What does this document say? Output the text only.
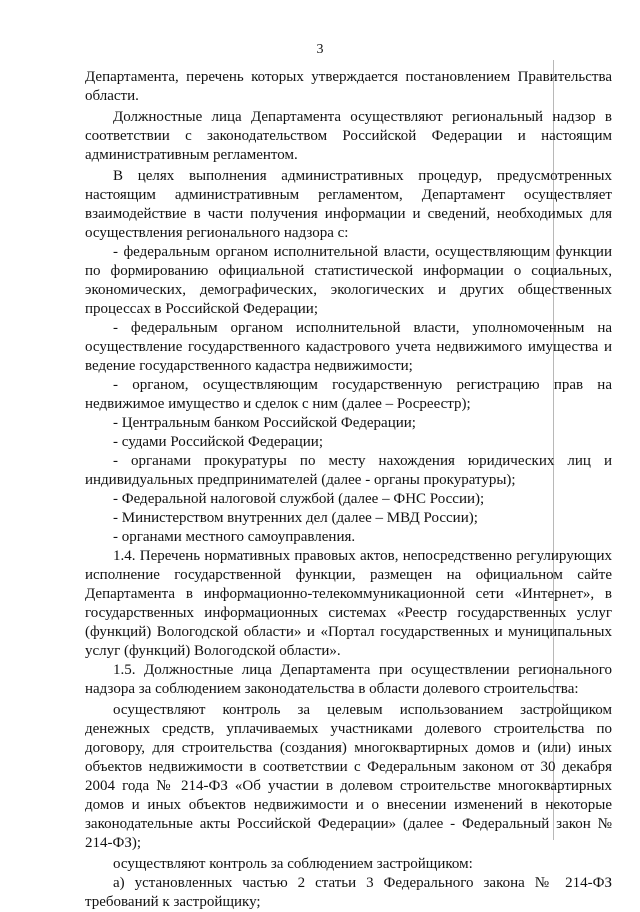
3

Департамента, перечень которых утверждается постановлением Правительства области.

Должностные лица Департамента осуществляют региональный надзор в соответствии с законодательством Российской Федерации и настоящим административным регламентом.

В целях выполнения административных процедур, предусмотренных настоящим административным регламентом, Департамент осуществляет взаимодействие в части получения информации и сведений, необходимых для осуществления регионального надзора с:

- федеральным органом исполнительной власти, осуществляющим функции по формированию официальной статистической информации о социальных, экономических, демографических, экологических и других общественных процессах в Российской Федерации;

- федеральным органом исполнительной власти, уполномоченным на осуществление государственного кадастрового учета недвижимого имущества и ведение государственного кадастра недвижимости;

- органом, осуществляющим государственную регистрацию прав на недвижимое имущество и сделок с ним (далее – Росреестр);

- Центральным банком Российской Федерации;

- судами Российской Федерации;

- органами прокуратуры по месту нахождения юридических лиц и индивидуальных предпринимателей (далее - органы прокуратуры);

- Федеральной налоговой службой (далее – ФНС России);

- Министерством внутренних дел (далее – МВД России);

- органами местного самоуправления.

1.4. Перечень нормативных правовых актов, непосредственно регулирующих исполнение государственной функции, размещен на официальном сайте Департамента в информационно-телекоммуникационной сети «Интернет», в государственных информационных системах «Реестр государственных услуг (функций) Вологодской области» и «Портал государственных и муниципальных услуг (функций) Вологодской области».

1.5. Должностные лица Департамента при осуществлении регионального надзора за соблюдением законодательства в области долевого строительства:

осуществляют контроль за целевым использованием застройщиком денежных средств, уплачиваемых участниками долевого строительства по договору, для строительства (создания) многоквартирных домов и (или) иных объектов недвижимости в соответствии с Федеральным законом от 30 декабря 2004 года № 214-ФЗ «Об участии в долевом строительстве многоквартирных домов и иных объектов недвижимости и о внесении изменений в некоторые законодательные акты Российской Федерации» (далее - Федеральный закон № 214-ФЗ);

осуществляют контроль за соблюдением застройщиком:

а) установленных частью 2 статьи 3 Федерального закона № 214-ФЗ требований к застройщику;
